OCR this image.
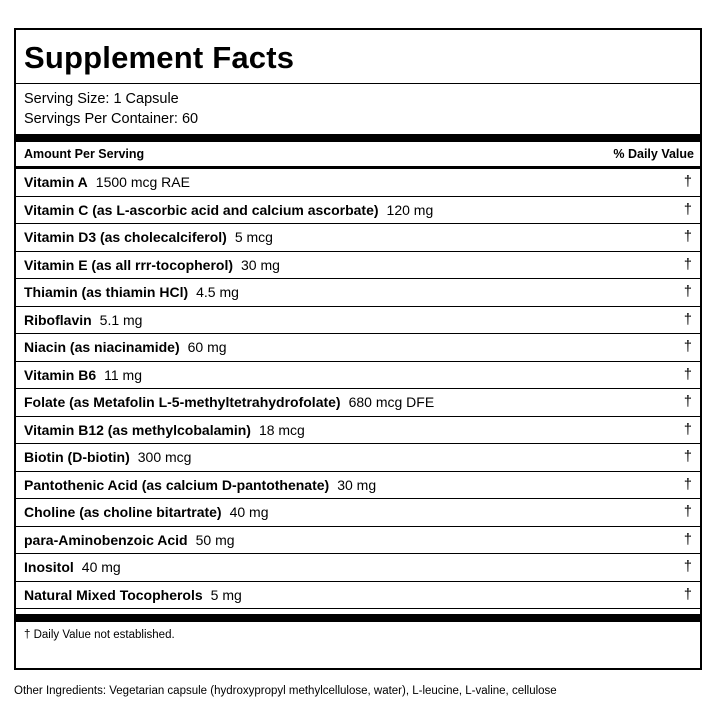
Supplement Facts
Serving Size: 1 Capsule
Servings Per Container: 60
Amount Per Serving	% Daily Value
Vitamin A 1500 mcg RAE	†
Vitamin C (as L-ascorbic acid and calcium ascorbate) 120 mg	†
Vitamin D3 (as cholecalciferol) 5 mcg	†
Vitamin E (as all rrr-tocopherol) 30 mg	†
Thiamin (as thiamin HCl) 4.5 mg	†
Riboflavin 5.1 mg	†
Niacin (as niacinamide) 60 mg	†
Vitamin B6 11 mg	†
Folate (as Metafolin L-5-methyltetrahydrofolate) 680 mcg DFE	†
Vitamin B12 (as methylcobalamin) 18 mcg	†
Biotin (D-biotin) 300 mcg	†
Pantothenic Acid (as calcium D-pantothenate) 30 mg	†
Choline (as choline bitartrate) 40 mg	†
para-Aminobenzoic Acid 50 mg	†
Inositol 40 mg	†
Natural Mixed Tocopherols 5 mg	†
† Daily Value not established.
Other Ingredients: Vegetarian capsule (hydroxypropyl methylcellulose, water), L-leucine, L-valine, cellulose
